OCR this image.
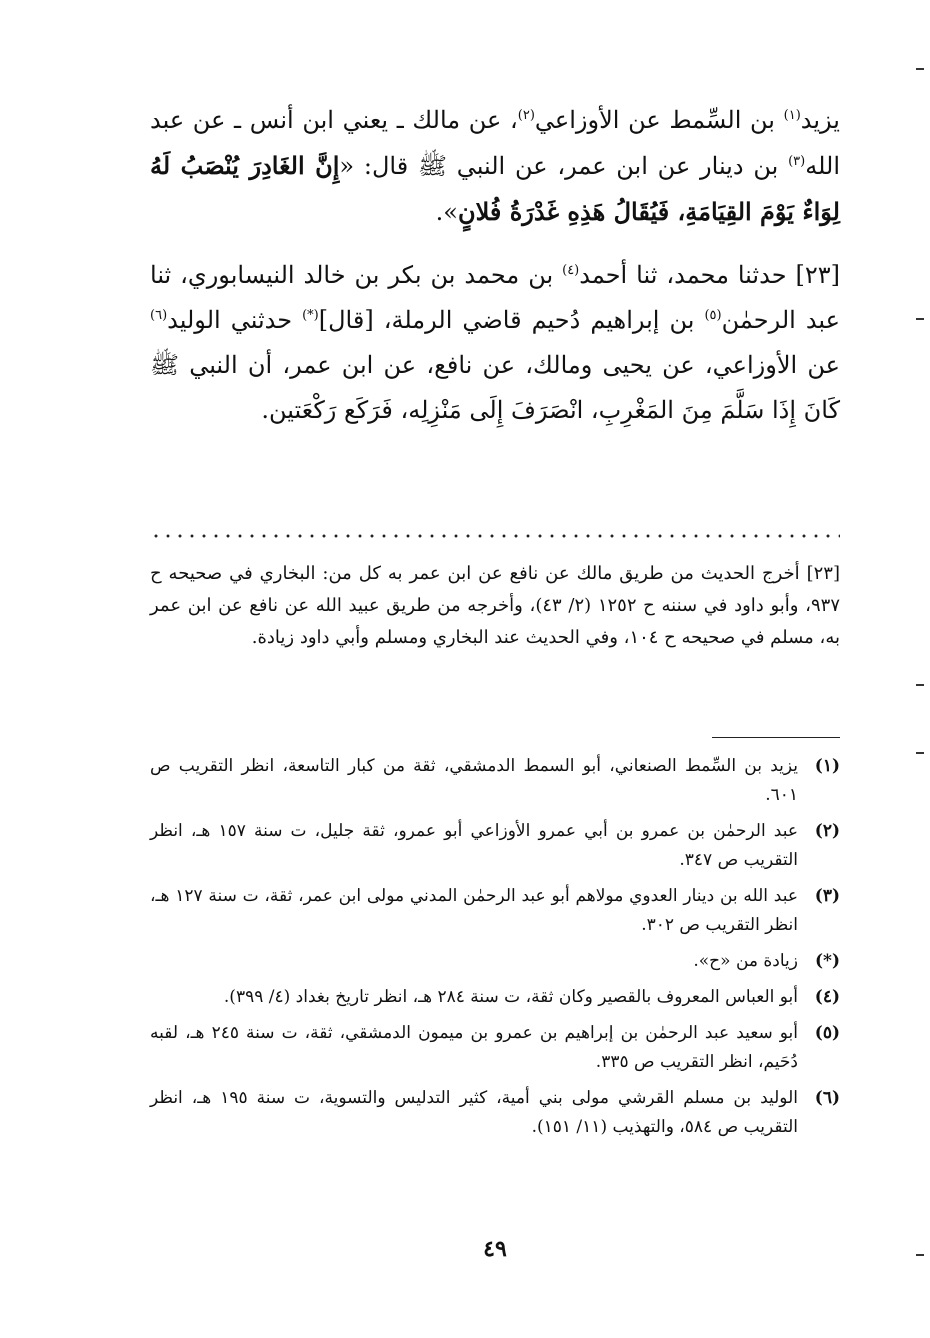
يزيد$^{(١)}$ بن السِّمط عن الأوزاعي$^{(٢)}$، عن مالك ـ يعني ابن أنس ـ عن عبد الله$^{(٣)}$ بن دينار عن ابن عمر، عن النبي ﷺ قال: «إِنَّ الغَادِرَ يُنْصَبُ لَهُ لِوَاءٌ يَوْمَ القِيَامَةِ، فَيُقَالُ هَذِهِ غَدْرَةُ فُلانٍ».

[٢٣] حدثنا محمد، ثنا أحمد$^{(٤)}$ بن محمد بن بكر بن خالد النيسابوري، ثنا عبد الرحمٰن$^{(٥)}$ بن إبراهيم دُحيم قاضي الرملة، [قال](*) حدثني الوليد$^{(٦)}$ عن الأوزاعي، عن يحيى ومالك، عن نافع، عن ابن عمر، أن النبي ﷺ كَانَ إِذَا سَلَّمَ مِنَ المَغْرِبِ، انْصَرَفَ إِلَى مَنْزِلِه، فَرَكَع رَكْعَتين.

[٢٣] أخرج الحديث من طريق مالك عن نافع عن ابن عمر به كل من: البخاري في صحيحه ح ٩٣٧، وأبو داود في سننه ح ١٢٥٢ (٢/ ٤٣)، وأخرجه من طريق عبيد الله عن نافع عن ابن عمر به، مسلم في صحيحه ح ١٠٤، وفي الحديث عند البخاري ومسلم وأبي داود زيادة.
(١)
يزيد بن السِّمط الصنعاني، أبو السمط الدمشقي، ثقة من كبار التاسعة، انظر التقريب ص ٦٠١.
(٢)
عبد الرحمٰن بن عمرو بن أبي عمرو الأوزاعي أبو عمرو، ثقة جليل، ت سنة ١٥٧ هـ، انظر التقريب ص ٣٤٧.
(٣)
عبد الله بن دينار العدوي مولاهم أبو عبد الرحمٰن المدني مولى ابن عمر، ثقة، ت سنة ١٢٧ هـ، انظر التقريب ص ٣٠٢.
(*)
زيادة من «ح».
(٤)
أبو العباس المعروف بالقصير وكان ثقة، ت سنة ٢٨٤ هـ، انظر تاريخ بغداد (٤/ ٣٩٩).
(٥)
أبو سعيد عبد الرحمٰن بن إبراهيم بن عمرو بن ميمون الدمشقي، ثقة، ت سنة ٢٤٥ هـ، لقبه دُحَيم، انظر التقريب ص ٣٣٥.
(٦)
الوليد بن مسلم القرشي مولى بني أمية، كثير التدليس والتسوية، ت سنة ١٩٥ هـ، انظر التقريب ص ٥٨٤، والتهذيب (١١/ ١٥١).
٤٩
